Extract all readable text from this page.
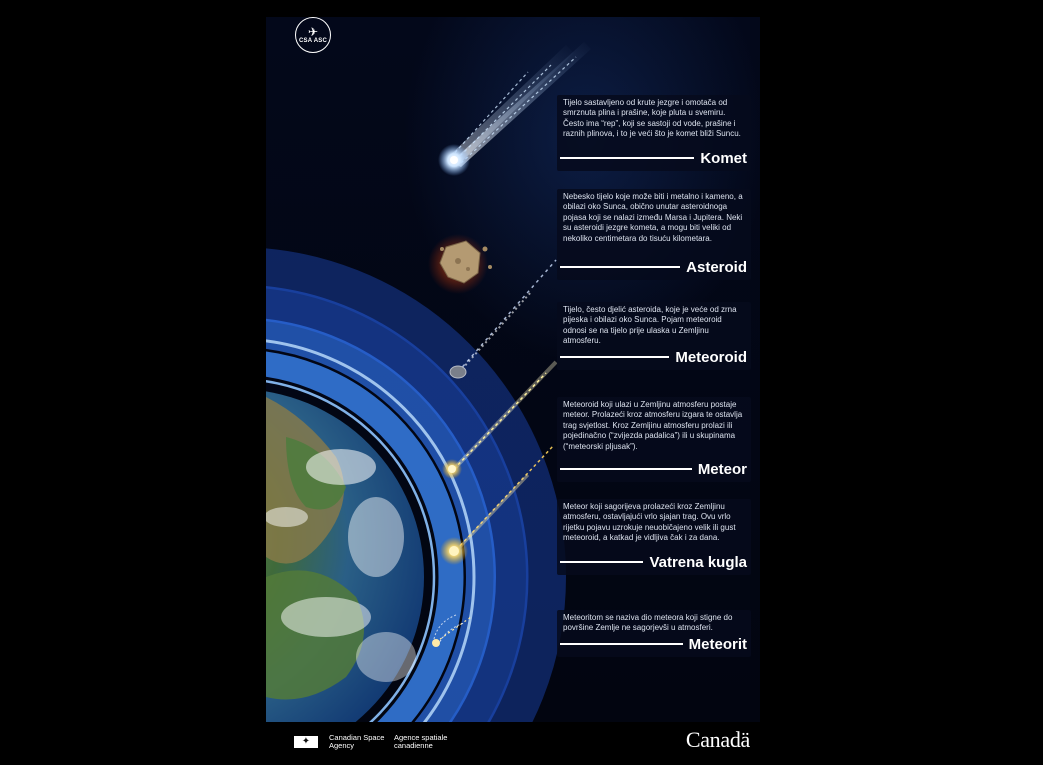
✈
CSA ASC
Tijelo sastavljeno od krute jezgre i omotača od smrznuta plina i prašine, koje pluta u svemiru. Često ima “rep”, koji se sastoji od vode, prašine i raznih plinova, i to je veći što je komet bliži Suncu.
Komet
Nebesko tijelo koje može biti i metalno i kameno, a obilazi oko Sunca, obično unutar asteroidnoga pojasa koji se nalazi između Marsa i Jupitera. Neki su asteroidi jezgre kometa, a mogu biti veliki od nekoliko centimetara do tisuću kilometara.
Asteroid
Tijelo, često djelić asteroida, koje je veće od zrna pijeska i obilazi oko Sunca. Pojam meteoroid odnosi se na tijelo prije ulaska u Zemljinu atmosferu.
Meteoroid
Meteoroid koji ulazi u Zemljinu atmosferu postaje meteor. Prolazeći kroz atmosferu izgara te ostavlja trag svjetlost. Kroz Zemljinu atmosferu prolazi ili pojedinačno (“zvijezda padalica”) ili u skupinama (“meteorski pljusak”).
Meteor
Meteor koji sagorijeva prolazeći kroz Zemljinu atmosferu, ostavljajući vrlo sjajan trag. Ovu vrlo rijetku pojavu uzrokuje neuobičajeno velik ili gust meteoroid, a katkad je vidljiva čak i za dana.
Vatrena kugla
Meteoritom se naziva dio meteora koji stigne do površine Zemlje ne sagorjevši u atmosferi.
Meteorit
✦	Canadian Space Agency
Agence spatiale canadienne	Canadä
